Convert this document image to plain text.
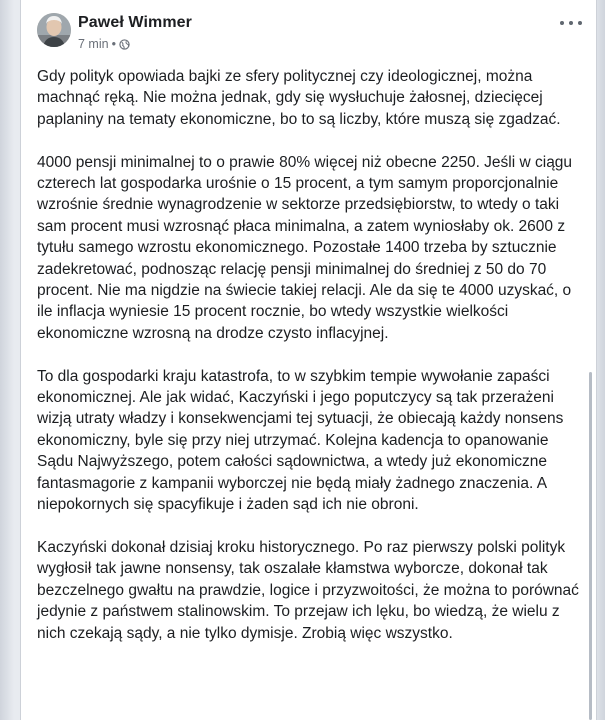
Paweł Wimmer
7 min •

Gdy polityk opowiada bajki ze sfery politycznej czy ideologicznej, można machnąć ręką. Nie można jednak, gdy się wysłuchuje żałosnej, dziecięcej paplaniny na tematy ekonomiczne, bo to są liczby, które muszą się zgadzać.

4000 pensji minimalnej to o prawie 80% więcej niż obecne 2250. Jeśli w ciągu czterech lat gospodarka urośnie o 15 procent, a tym samym proporcjonalnie wzrośnie średnie wynagrodzenie w sektorze przedsiębiorstw, to wtedy o taki sam procent musi wzrosnąć płaca minimalna, a zatem wyniosłaby ok. 2600 z tytułu samego wzrostu ekonomicznego. Pozostałe 1400 trzeba by sztucznie zadekretować, podnosząc relację pensji minimalnej do średniej z 50 do 70 procent. Nie ma nigdzie na świecie takiej relacji. Ale da się te 4000 uzyskać, o ile inflacja wyniesie 15 procent rocznie, bo wtedy wszystkie wielkości ekonomiczne wzrosną na drodze czysto inflacyjnej.

To dla gospodarki kraju katastrofa, to w szybkim tempie wywołanie zapaści ekonomicznej. Ale jak widać, Kaczyński i jego poputczycy są tak przerażeni wizją utraty władzy i konsekwencjami tej sytuacji, że obiecają każdy nonsens ekonomiczny, byle się przy niej utrzymać. Kolejna kadencja to opanowanie Sądu Najwyższego, potem całości sądownictwa, a wtedy już ekonomiczne fantasmagorie z kampanii wyborczej nie będą miały żadnego znaczenia. A niepokornych się spacyfikuje i żaden sąd ich nie obroni.

Kaczyński dokonał dzisiaj kroku historycznego. Po raz pierwszy polski polityk wygłosił tak jawne nonsensy, tak oszalałe kłamstwa wyborcze, dokonał tak bezczelnego gwałtu na prawdzie, logice i przyzwoitości, że można to porównać jedynie z państwem stalinowskim. To przejaw ich lęku, bo wiedzą, że wielu z nich czekają sądy, a nie tylko dymisje. Zrobią więc wszystko.
